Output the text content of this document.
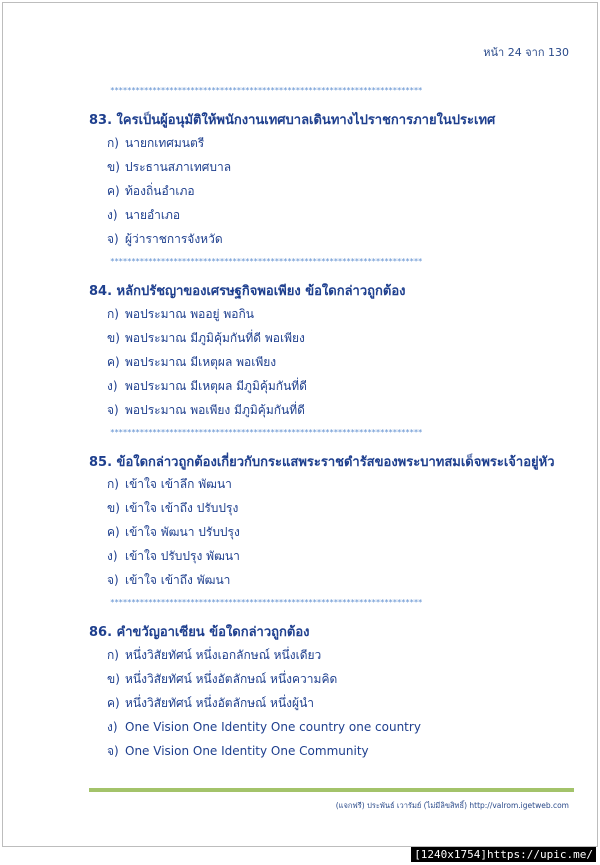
หน้า 24 จาก 130
**************************************************************************
83. ใครเป็นผู้อนุมัติให้พนักงานเทศบาลเดินทางไปราชการภายในประเทศ
ก) นายกเทศมนตรี
ข) ประธานสภาเทศบาล
ค) ท้องถิ่นอำเภอ
ง) นายอำเภอ
จ) ผู้ว่าราชการจังหวัด
**************************************************************************
84. หลักปรัชญาของเศรษฐกิจพอเพียง ข้อใดกล่าวถูกต้อง
ก) พอประมาณ พออยู่ พอกิน
ข) พอประมาณ มีภูมิคุ้มกันที่ดี พอเพียง
ค) พอประมาณ มีเหตุผล พอเพียง
ง) พอประมาณ มีเหตุผล มีภูมิคุ้มกันที่ดี
จ) พอประมาณ พอเพียง มีภูมิคุ้มกันที่ดี
**************************************************************************
85. ข้อใดกล่าวถูกต้องเกี่ยวกับกระแสพระราชดำรัสของพระบาทสมเด็จพระเจ้าอยู่หัว
ก) เข้าใจ เข้าลึก พัฒนา
ข) เข้าใจ เข้าถึง ปรับปรุง
ค) เข้าใจ พัฒนา ปรับปรุง
ง) เข้าใจ ปรับปรุง พัฒนา
จ) เข้าใจ เข้าถึง พัฒนา
**************************************************************************
86. คำขวัญอาเซียน ข้อใดกล่าวถูกต้อง
ก) หนึ่งวิสัยทัศน์ หนึ่งเอกลักษณ์ หนึ่งเดียว
ข) หนึ่งวิสัยทัศน์ หนึ่งอัตลักษณ์ หนึ่งความคิด
ค) หนึ่งวิสัยทัศน์ หนึ่งอัตลักษณ์ หนึ่งผู้นำ
ง) One Vision One Identity One country one country
จ) One Vision One Identity One Community
(แจกฟรี) ประพันธ์ เวารัมย์ (ไม่มีลิขสิทธิ์) http://valrom.igetweb.com
[1240x1754]https://upic.me/
